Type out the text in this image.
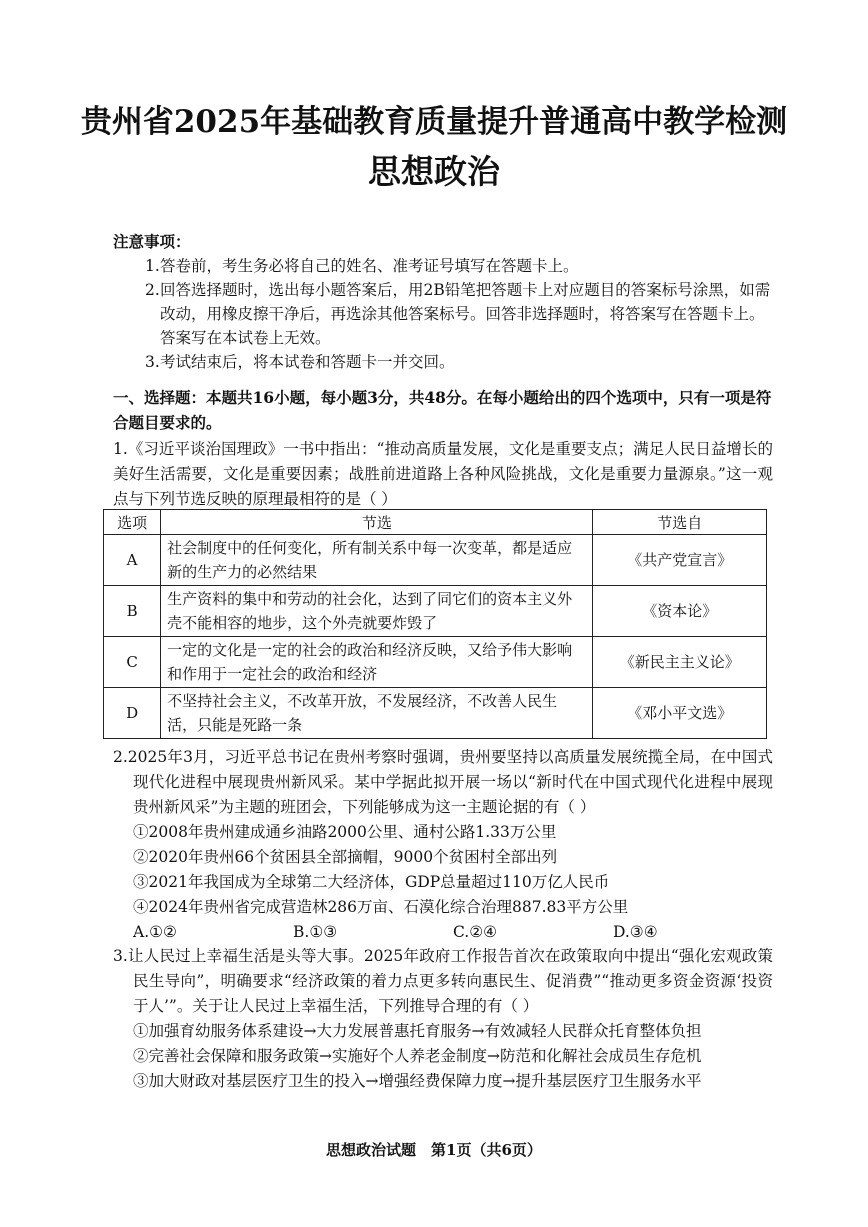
贵州省2025年基础教育质量提升普通高中教学检测
思想政治
注意事项：
1. 答卷前，考生务必将自己的姓名、准考证号填写在答题卡上。
2. 回答选择题时，选出每小题答案后，用2B铅笔把答题卡上对应题目的答案标号涂黑，如需改动，用橡皮擦干净后，再选涂其他答案标号。回答非选择题时，将答案写在答题卡上。答案写在本试卷上无效。
3. 考试结束后，将本试卷和答题卡一并交回。
一、选择题：本题共16小题，每小题3分，共48分。在每小题给出的四个选项中，只有一项是符合题目要求的。
1.《习近平谈治国理政》一书中指出：“推动高质量发展，文化是重要支点；满足人民日益增长的美好生活需要，文化是重要因素；战胜前进道路上各种风险挑战，文化是重要力量源泉。”这一观点与下列节选反映的原理最相符的是（ ）
选项	节选	节选自
A	社会制度中的任何变化，所有制关系中每一次变革，都是适应新的生产力的必然结果	《共产党宣言》
B	生产资料的集中和劳动的社会化，达到了同它们的资本主义外壳不能相容的地步，这个外壳就要炸毁了	《资本论》
C	一定的文化是一定的社会的政治和经济反映，又给予伟大影响和作用于一定社会的政治和经济	《新民主主义论》
D	不坚持社会主义，不改革开放，不发展经济，不改善人民生活，只能是死路一条	《邓小平文选》
2.2025年3月，习近平总书记在贵州考察时强调，贵州要坚持以高质量发展统揽全局，在中国式现代化进程中展现贵州新风采。某中学据此拟开展一场以“新时代在中国式现代化进程中展现贵州新风采”为主题的班团会，下列能够成为这一主题论据的有（ ）
①2008年贵州建成通乡油路2000公里、通村公路1.33万公里
②2020年贵州66个贫困县全部摘帽，9000个贫困村全部出列
③2021年我国成为全球第二大经济体，GDP总量超过110万亿人民币
④2024年贵州省完成营造林286万亩、石漠化综合治理887.83平方公里
A.①②	B.①③	C.②④	D.③④
3.让人民过上幸福生活是头等大事。2025年政府工作报告首次在政策取向中提出“强化宏观政策民生导向”，明确要求“经济政策的着力点更多转向惠民生、促消费”“推动更多资金资源‘投资于人’”。关于让人民过上幸福生活，下列推导合理的有（ ）
①加强育幼服务体系建设→大力发展普惠托育服务→有效减轻人民群众托育整体负担
②完善社会保障和服务政策→实施好个人养老金制度→防范和化解社会成员生存危机
③加大财政对基层医疗卫生的投入→增强经费保障力度→提升基层医疗卫生服务水平
思想政治试题　第1页（共6页）
